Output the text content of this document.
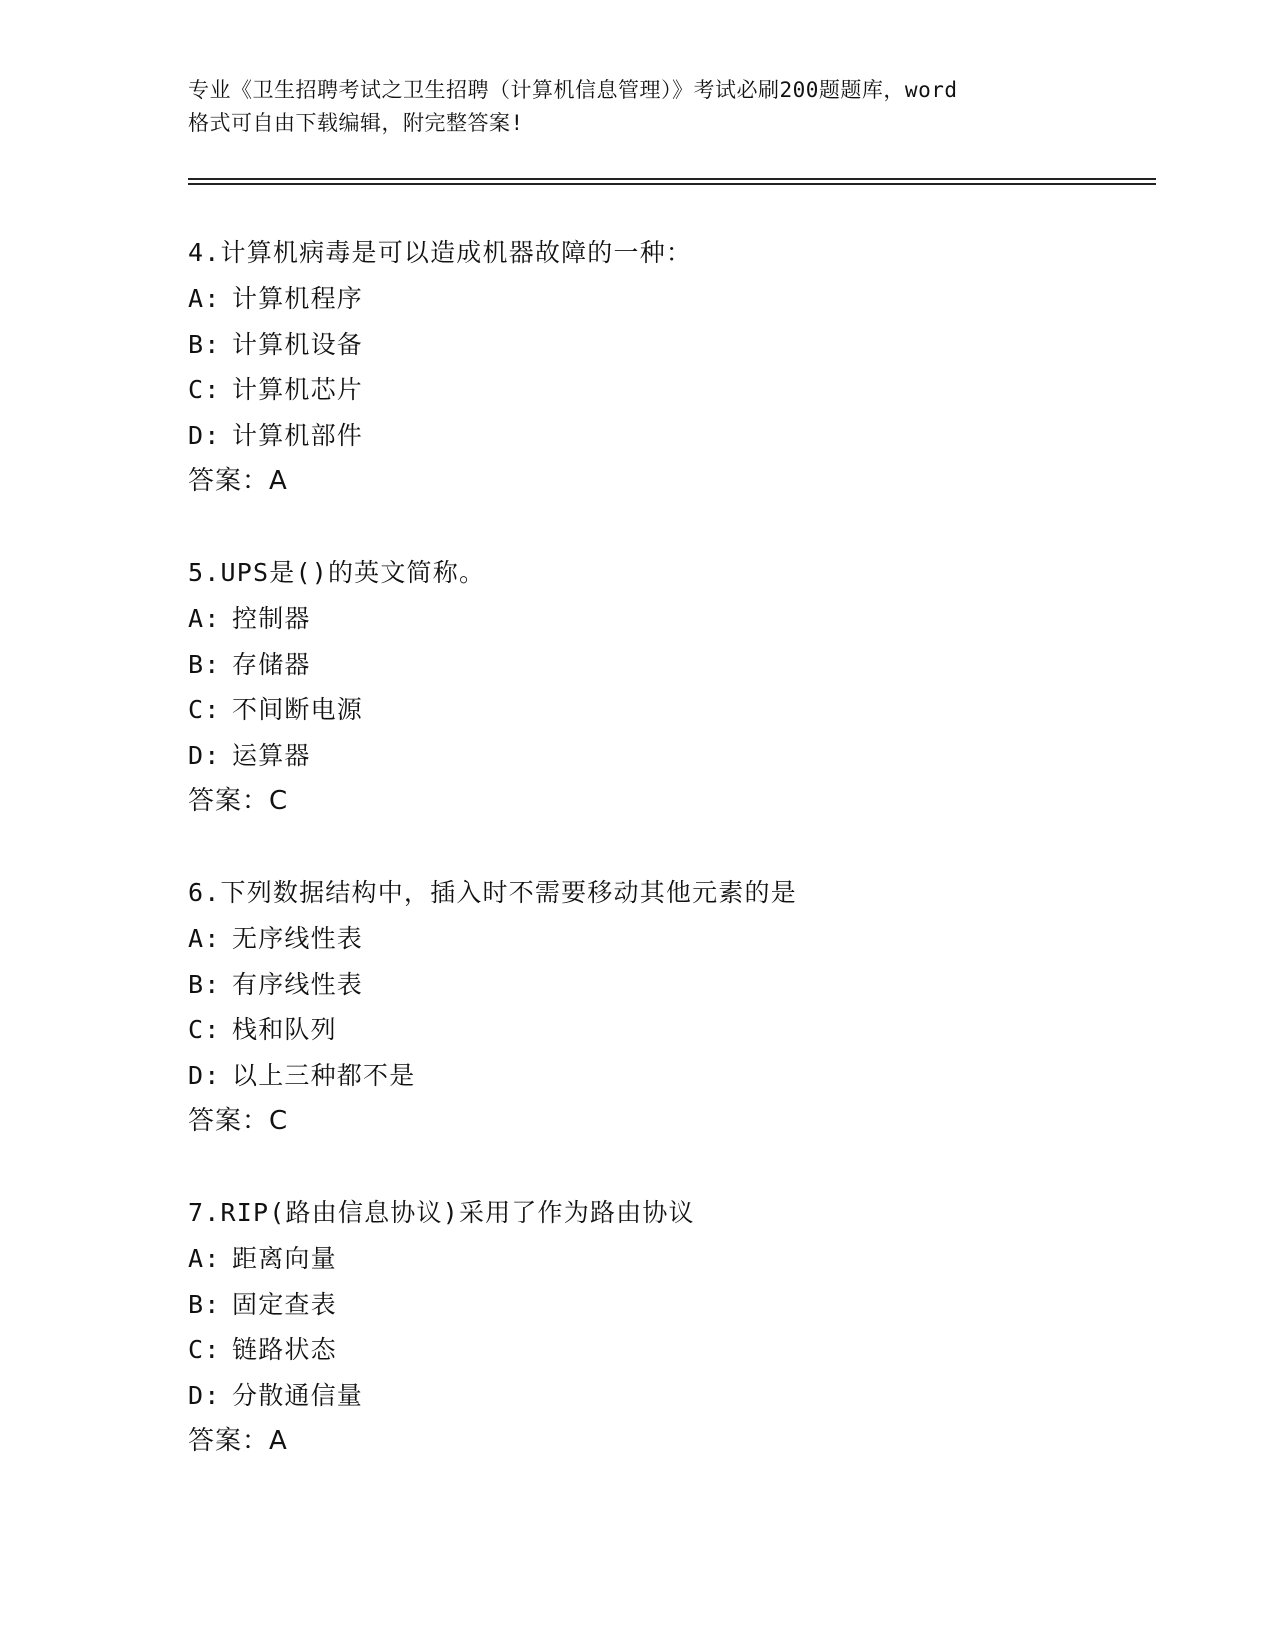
专业《卫生招聘考试之卫生招聘（计算机信息管理）》考试必刷200题题库，word
格式可自由下载编辑，附完整答案!
4.计算机病毒是可以造成机器故障的一种：
A: 计算机程序
B: 计算机设备
C: 计算机芯片
D: 计算机部件
答案：A
5.UPS是()的英文简称。
A: 控制器
B: 存储器
C: 不间断电源
D: 运算器
答案：C
6.下列数据结构中，插入时不需要移动其他元素的是
A: 无序线性表
B: 有序线性表
C: 栈和队列
D: 以上三种都不是
答案：C
7.RIP(路由信息协议)采用了作为路由协议
A: 距离向量
B: 固定查表
C: 链路状态
D: 分散通信量
答案：A
